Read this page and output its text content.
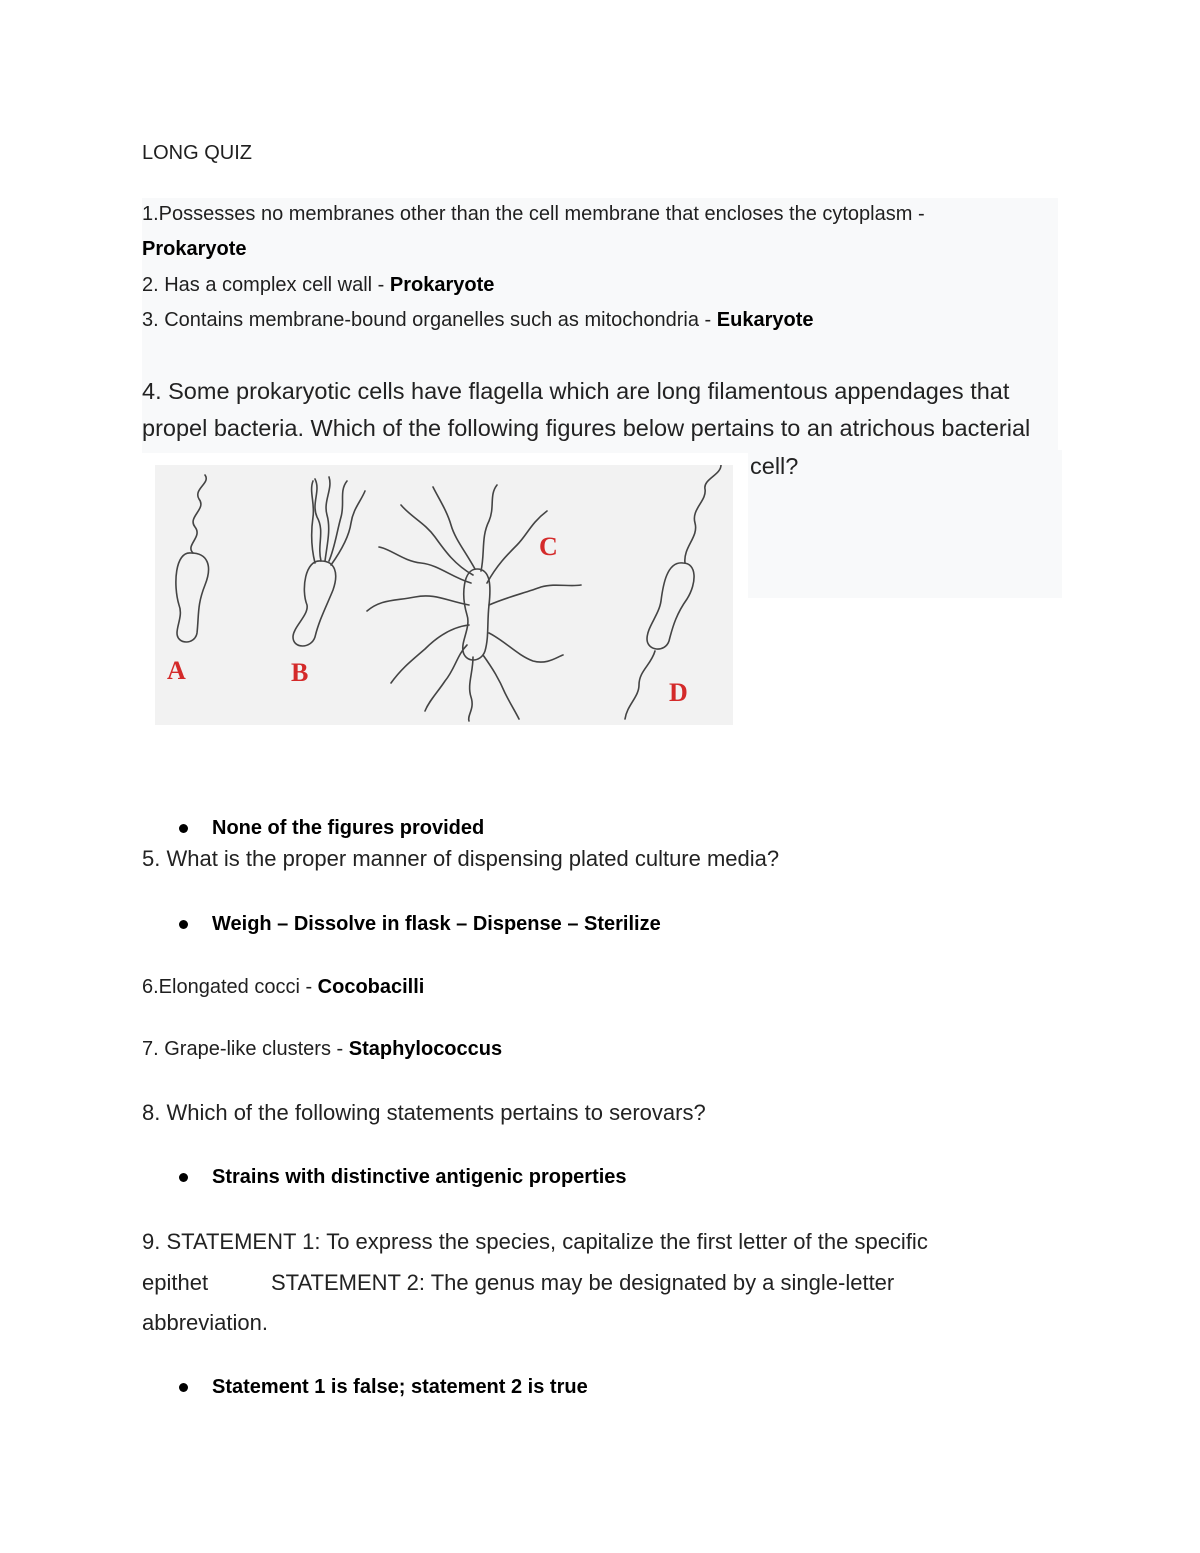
LONG QUIZ
1.Possesses no membranes other than the cell membrane that encloses the cytoplasm -
Prokaryote
2. Has a complex cell wall - Prokaryote
3. Contains membrane-bound organelles such as mitochondria - Eukaryote
4. Some prokaryotic cells have flagella which are long filamentous appendages that
propel bacteria. Which of the following figures below pertains to an atrichous bacterial
cell?
A	B
C
D
None of the figures provided
5. What is the proper manner of dispensing plated culture media?
Weigh – Dissolve in flask – Dispense – Sterilize
6.Elongated cocci - Cocobacilli
7. Grape-like clusters - Staphylococcus
8. Which of the following statements pertains to serovars?
Strains with distinctive antigenic properties
9. STATEMENT 1: To express the species, capitalize the first letter of the specific
epithet	STATEMENT 2: The genus may be designated by a single-letter
abbreviation.
Statement 1 is false; statement 2 is true
